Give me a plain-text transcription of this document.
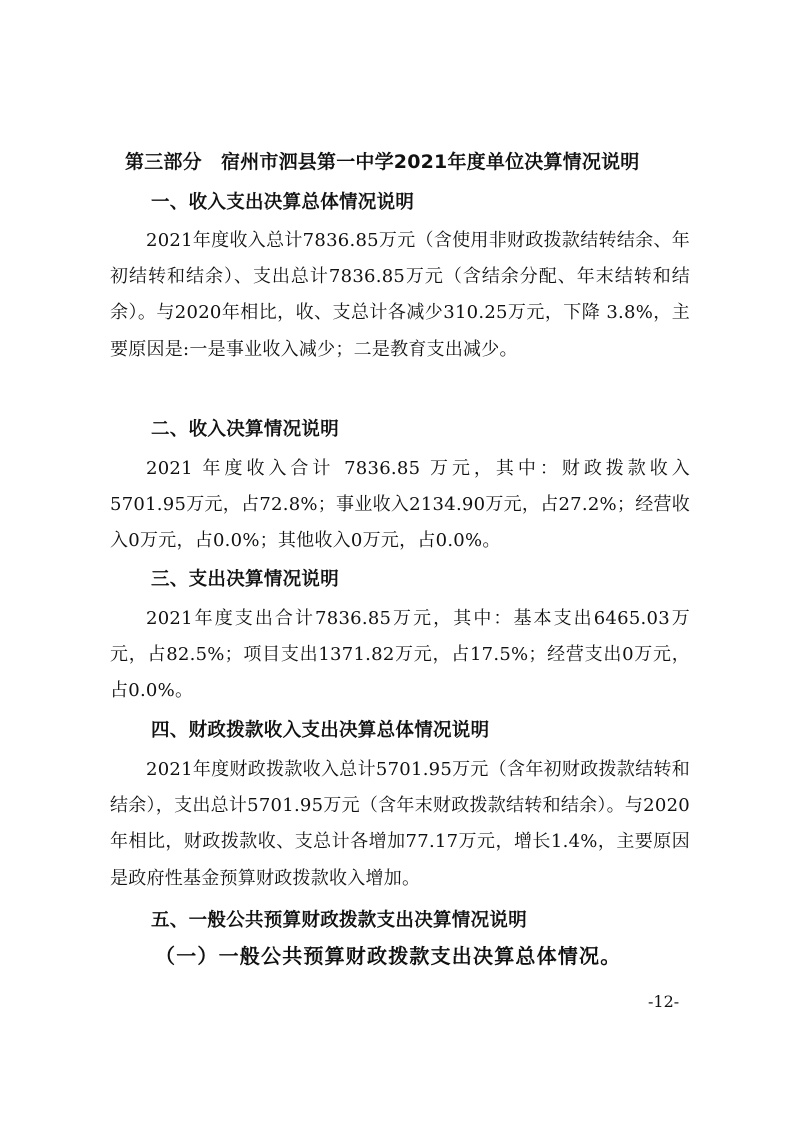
第三部分　宿州市泗县第一中学2021年度单位决算情况说明
一、收入支出决算总体情况说明

2021年度收入总计7836.85万元（含使用非财政拨款结转结余、年初结转和结余）、支出总计7836.85万元（含结余分配、年末结转和结余）。与2020年相比，收、支总计各减少310.25万元，下降 3.8%，主要原因是:一是事业收入减少；二是教育支出减少。

二、收入决算情况说明

2021 年度收入合计 7836.85 万元，其中：财政拨款收入5701.95万元，占72.8%；事业收入2134.90万元，占27.2%；经营收入0万元，占0.0%；其他收入0万元，占0.0%。

三、支出决算情况说明

2021年度支出合计7836.85万元，其中：基本支出6465.03万元，占82.5%；项目支出1371.82万元，占17.5%；经营支出0万元，占0.0%。

四、财政拨款收入支出决算总体情况说明

2021年度财政拨款收入总计5701.95万元（含年初财政拨款结转和结余），支出总计5701.95万元（含年末财政拨款结转和结余）。与2020年相比，财政拨款收、支总计各增加77.17万元，增长1.4%，主要原因是政府性基金预算财政拨款收入增加。

五、一般公共预算财政拨款支出决算情况说明
（一）一般公共预算财政拨款支出决算总体情况。
-12-
